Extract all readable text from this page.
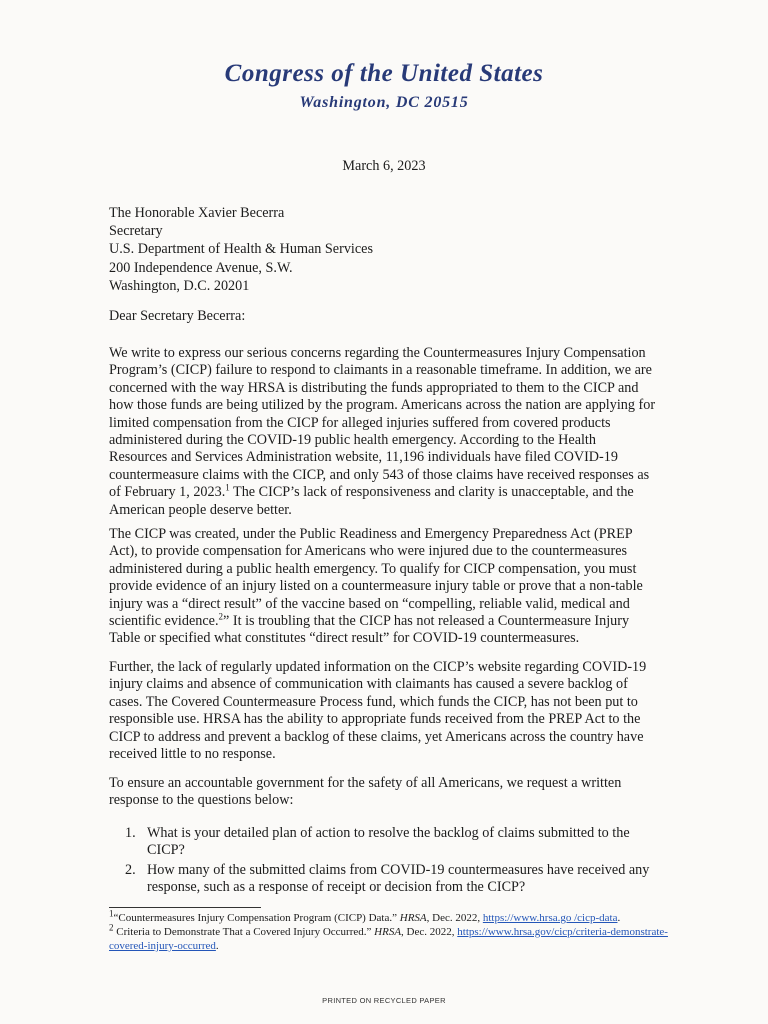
Congress of the United States
Washington, DC 20515
March 6, 2023
The Honorable Xavier Becerra
Secretary
U.S. Department of Health & Human Services
200 Independence Avenue, S.W.
Washington, D.C. 20201
Dear Secretary Becerra:
We write to express our serious concerns regarding the Countermeasures Injury Compensation Program’s (CICP) failure to respond to claimants in a reasonable timeframe. In addition, we are concerned with the way HRSA is distributing the funds appropriated to them to the CICP and how those funds are being utilized by the program. Americans across the nation are applying for limited compensation from the CICP for alleged injuries suffered from covered products administered during the COVID-19 public health emergency. According to the Health Resources and Services Administration website, 11,196 individuals have filed COVID-19 countermeasure claims with the CICP, and only 543 of those claims have received responses as of February 1, 2023.$^1$ The CICP’s lack of responsiveness and clarity is unacceptable, and the American people deserve better.
The CICP was created, under the Public Readiness and Emergency Preparedness Act (PREP Act), to provide compensation for Americans who were injured due to the countermeasures administered during a public health emergency. To qualify for CICP compensation, you must provide evidence of an injury listed on a countermeasure injury table or prove that a non-table injury was a “direct result” of the vaccine based on “compelling, reliable valid, medical and scientific evidence.$^2$” It is troubling that the CICP has not released a Countermeasure Injury Table or specified what constitutes “direct result” for COVID-19 countermeasures.
Further, the lack of regularly updated information on the CICP’s website regarding COVID-19 injury claims and absence of communication with claimants has caused a severe backlog of cases. The Covered Countermeasure Process fund, which funds the CICP, has not been put to responsible use. HRSA has the ability to appropriate funds received from the PREP Act to the CICP to address and prevent a backlog of these claims, yet Americans across the country have received little to no response.
To ensure an accountable government for the safety of all Americans, we request a written response to the questions below:
1. What is your detailed plan of action to resolve the backlog of claims submitted to the CICP?
2. How many of the submitted claims from COVID-19 countermeasures have received any response, such as a response of receipt or decision from the CICP?
$^1$“Countermeasures Injury Compensation Program (CICP) Data.” HRSA, Dec. 2022, https://www.hrsa.go /cicp-data.
$^2$ Criteria to Demonstrate That a Covered Injury Occurred.” HRSA, Dec. 2022, https://www.hrsa.gov/cicp/criteria-demonstrate-covered-injury-occurred.
PRINTED ON RECYCLED PAPER
